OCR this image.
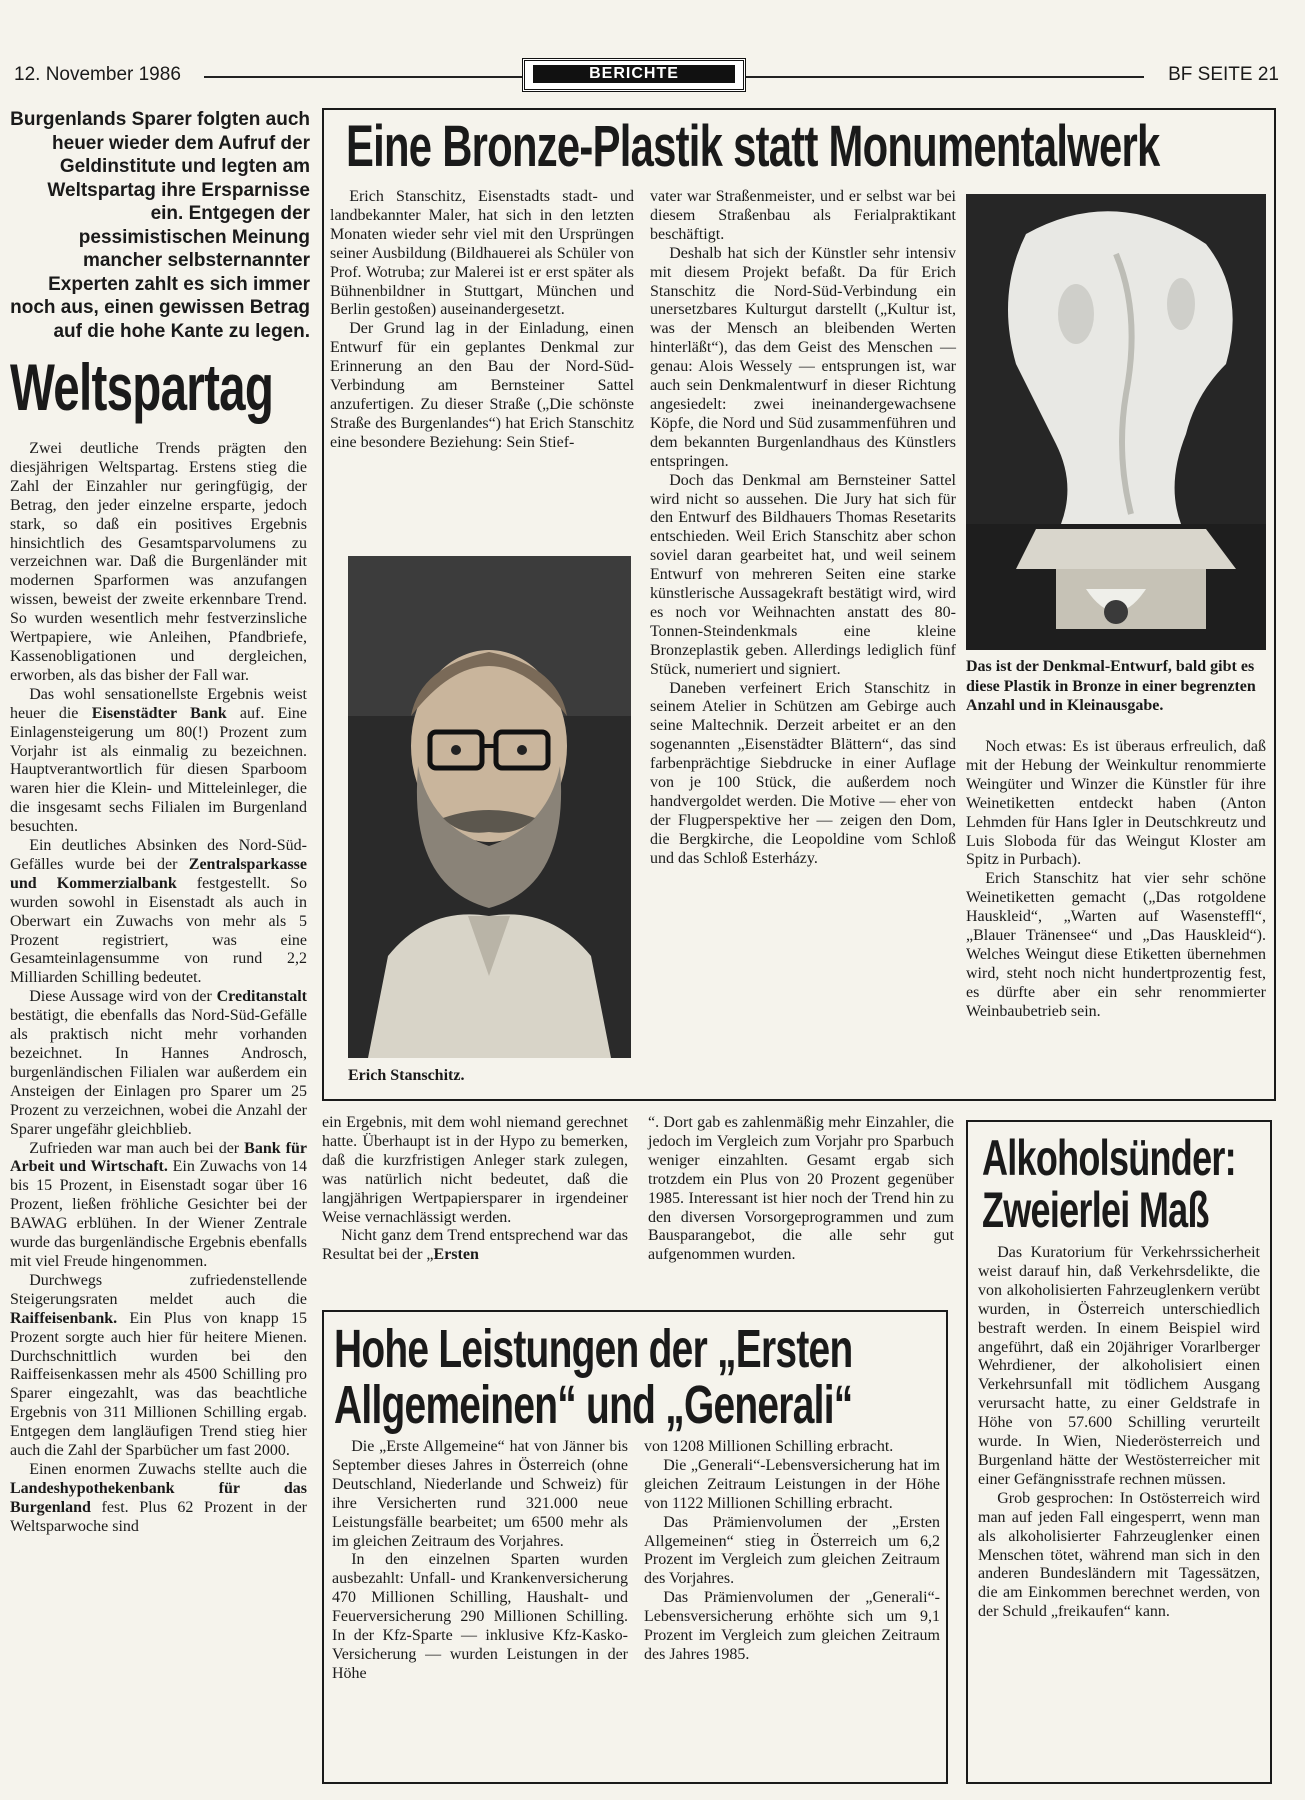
12. November 1986	BERICHTE	BF SEITE 21
Burgenlands Sparer folgten auch heuer wieder dem Aufruf der Geldinstitute und legten am Weltspartag ihre Ersparnisse ein. Entgegen der pessimistischen Meinung mancher selbsternannter Experten zahlt es sich immer noch aus, einen gewissen Betrag auf die hohe Kante zu legen.
Weltspartag

Zwei deutliche Trends prägten den diesjährigen Weltspartag. Erstens stieg die Zahl der Einzahler nur geringfügig, der Betrag, den jeder einzelne ersparte, jedoch stark, so daß ein positives Ergebnis hinsichtlich des Gesamtsparvolumens zu verzeichnen war. Daß die Burgenländer mit modernen Sparformen was anzufangen wissen, beweist der zweite erkennbare Trend. So wurden wesentlich mehr festverzinsliche Wertpapiere, wie Anleihen, Pfandbriefe, Kassenobligationen und dergleichen, erworben, als das bisher der Fall war.

Das wohl sensationellste Ergebnis weist heuer die Eisenstädter Bank auf. Eine Einlagensteigerung um 80(!) Prozent zum Vorjahr ist als einmalig zu bezeichnen. Hauptverantwortlich für diesen Sparboom waren hier die Klein- und Mitteleinleger, die die insgesamt sechs Filialen im Burgenland besuchten.

Ein deutliches Absinken des Nord-Süd-Gefälles wurde bei der Zentralsparkasse und Kommerzialbank festgestellt. So wurden sowohl in Eisenstadt als auch in Oberwart ein Zuwachs von mehr als 5 Prozent registriert, was eine Gesamteinlagensumme von rund 2,2 Milliarden Schilling bedeutet.

Diese Aussage wird von der Creditanstalt bestätigt, die ebenfalls das Nord-Süd-Gefälle als praktisch nicht mehr vorhanden bezeichnet. In Hannes Androsch, burgenländischen Filialen war außerdem ein Ansteigen der Einlagen pro Sparer um 25 Prozent zu verzeichnen, wobei die Anzahl der Sparer ungefähr gleichblieb.

Zufrieden war man auch bei der Bank für Arbeit und Wirtschaft. Ein Zuwachs von 14 bis 15 Prozent, in Eisenstadt sogar über 16 Prozent, ließen fröhliche Gesichter bei der BAWAG erblühen. In der Wiener Zentrale wurde das burgenländische Ergebnis ebenfalls mit viel Freude hingenommen.

Durchwegs zufriedenstellende Steigerungsraten meldet auch die Raiffeisenbank. Ein Plus von knapp 15 Prozent sorgte auch hier für heitere Mienen. Durchschnittlich wurden bei den Raiffeisenkassen mehr als 4500 Schilling pro Sparer eingezahlt, was das beachtliche Ergebnis von 311 Millionen Schilling ergab. Entgegen dem langläufigen Trend stieg hier auch die Zahl der Sparbücher um fast 2000.

Einen enormen Zuwachs stellte auch die Landeshypothekenbank für das Burgenland fest. Plus 62 Prozent in der Weltsparwoche sind

ein Ergebnis, mit dem wohl niemand gerechnet hatte. Überhaupt ist in der Hypo zu bemerken, daß die kurzfristigen Anleger stark zulegen, was natürlich nicht bedeutet, daß die langjährigen Wertpapiersparer in irgendeiner Weise vernachlässigt werden.

Nicht ganz dem Trend entsprechend war das Resultat bei der „Ersten

“. Dort gab es zahlenmäßig mehr Einzahler, die jedoch im Vergleich zum Vorjahr pro Sparbuch weniger einzahlten. Gesamt ergab sich trotzdem ein Plus von 20 Prozent gegenüber 1985. Interessant ist hier noch der Trend hin zu den diversen Vorsorgeprogrammen und zum Bausparangebot, die alle sehr gut aufgenommen wurden.

Eine Bronze-Plastik statt Monumentalwerk

Erich Stanschitz, Eisenstadts stadt- und landbekannter Maler, hat sich in den letzten Monaten wieder sehr viel mit den Ursprüngen seiner Ausbildung (Bildhauerei als Schüler von Prof. Wotruba; zur Malerei ist er erst später als Bühnenbildner in Stuttgart, München und Berlin gestoßen) auseinandergesetzt.

Der Grund lag in der Einladung, einen Entwurf für ein geplantes Denkmal zur Erinnerung an den Bau der Nord-Süd-Verbindung am Bernsteiner Sattel anzufertigen. Zu dieser Straße („Die schönste Straße des Burgenlandes“) hat Erich Stanschitz eine besondere Beziehung: Sein Stief-

Erich Stanschitz.

vater war Straßenmeister, und er selbst war bei diesem Straßenbau als Ferialpraktikant beschäftigt.

Deshalb hat sich der Künstler sehr intensiv mit diesem Projekt befaßt. Da für Erich Stanschitz die Nord-Süd-Verbindung ein unersetzbares Kulturgut darstellt („Kultur ist, was der Mensch an bleibenden Werten hinterläßt“), das dem Geist des Menschen — genau: Alois Wessely — entsprungen ist, war auch sein Denkmalentwurf in dieser Richtung angesiedelt: zwei ineinandergewachsene Köpfe, die Nord und Süd zusammenführen und dem bekannten Burgenlandhaus des Künstlers entspringen.

Doch das Denkmal am Bernsteiner Sattel wird nicht so aussehen. Die Jury hat sich für den Entwurf des Bildhauers Thomas Resetarits entschieden. Weil Erich Stanschitz aber schon soviel daran gearbeitet hat, und weil seinem Entwurf von mehreren Seiten eine starke künstlerische Aussagekraft bestätigt wird, wird es noch vor Weihnachten anstatt des 80-Tonnen-Steindenkmals eine kleine Bronzeplastik geben. Allerdings lediglich fünf Stück, numeriert und signiert.

Daneben verfeinert Erich Stanschitz in seinem Atelier in Schützen am Gebirge auch seine Maltechnik. Derzeit arbeitet er an den sogenannten „Eisenstädter Blättern“, das sind farbenprächtige Siebdrucke in einer Auflage von je 100 Stück, die außerdem noch handvergoldet werden. Die Motive — eher von der Flugperspektive her — zeigen den Dom, die Bergkirche, die Leopoldine vom Schloß und das Schloß Esterházy.

Das ist der Denkmal-Entwurf, bald gibt es diese Plastik in Bronze in einer begrenzten Anzahl und in Kleinausgabe.

Noch etwas: Es ist überaus erfreulich, daß mit der Hebung der Weinkultur renommierte Weingüter und Winzer die Künstler für ihre Weinetiketten entdeckt haben (Anton Lehmden für Hans Igler in Deutschkreutz und Luis Sloboda für das Weingut Kloster am Spitz in Purbach).

Erich Stanschitz hat vier sehr schöne Weinetiketten gemacht („Das rotgoldene Hauskleid“, „Warten auf Wasensteffl“, „Blauer Tränensee“ und „Das Hauskleid“). Welches Weingut diese Etiketten übernehmen wird, steht noch nicht hundertprozentig fest, es dürfte aber ein sehr renommierter Weinbaubetrieb sein.

Hohe Leistungen der „Ersten
Allgemeinen“ und „Generali“

Die „Erste Allgemeine“ hat von Jänner bis September dieses Jahres in Österreich (ohne Deutschland, Niederlande und Schweiz) für ihre Versicherten rund 321.000 neue Leistungsfälle bearbeitet; um 6500 mehr als im gleichen Zeitraum des Vorjahres.

In den einzelnen Sparten wurden ausbezahlt: Unfall- und Krankenversicherung 470 Millionen Schilling, Haushalt- und Feuerversicherung 290 Millionen Schilling. In der Kfz-Sparte — inklusive Kfz-Kasko-Versicherung — wurden Leistungen in der Höhe

von 1208 Millionen Schilling erbracht.

Die „Generali“-Lebensversicherung hat im gleichen Zeitraum Leistungen in der Höhe von 1122 Millionen Schilling erbracht.

Das Prämienvolumen der „Ersten Allgemeinen“ stieg in Österreich um 6,2 Prozent im Vergleich zum gleichen Zeitraum des Vorjahres.

Das Prämienvolumen der „Generali“-Lebensversicherung erhöhte sich um 9,1 Prozent im Vergleich zum gleichen Zeitraum des Jahres 1985.

Alkoholsünder:
Zweierlei Maß

Das Kuratorium für Verkehrssicherheit weist darauf hin, daß Verkehrsdelikte, die von alkoholisierten Fahrzeuglenkern verübt wurden, in Österreich unterschiedlich bestraft werden. In einem Beispiel wird angeführt, daß ein 20jähriger Vorarlberger Wehrdiener, der alkoholisiert einen Verkehrsunfall mit tödlichem Ausgang verursacht hatte, zu einer Geldstrafe in Höhe von 57.600 Schilling verurteilt wurde. In Wien, Niederösterreich und Burgenland hätte der Westösterreicher mit einer Gefängnisstrafe rechnen müssen.

Grob gesprochen: In Ostösterreich wird man auf jeden Fall eingesperrt, wenn man als alkoholisierter Fahrzeuglenker einen Menschen tötet, während man sich in den anderen Bundesländern mit Tagessätzen, die am Einkommen berechnet werden, von der Schuld „freikaufen“ kann.
